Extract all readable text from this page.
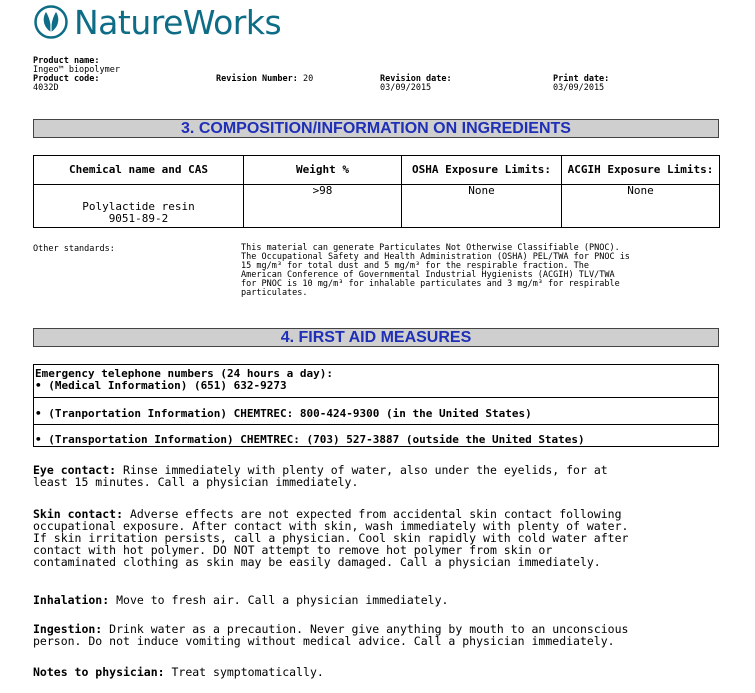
NatureWorks
Product name:
Ingeo™ biopolymer
Product code:
4032D
Revision Number: 20	Revision date:
03/09/2015
Print date:
03/09/2015
3. COMPOSITION/INFORMATION ON INGREDIENTS
Chemical name and CAS	Weight %	OSHA Exposure Limits:	ACGIH Exposure Limits:

Polylactide resin
9051-89-2	>98	None	None
Other standards:	This material can generate Particulates Not Otherwise Classifiable (PNOC).
The Occupational Safety and Health Administration (OSHA) PEL/TWA for PNOC is
15 mg/m³ for total dust and 5 mg/m³ for the respirable fraction. The
American Conference of Governmental Industrial Hygienists (ACGIH) TLV/TWA
for PNOC is 10 mg/m³ for inhalable particulates and 3 mg/m³ for respirable
particulates.
4. FIRST AID MEASURES
Emergency telephone numbers (24 hours a day):
• (Medical Information) (651) 632-9273
• (Tranportation Information) CHEMTREC: 800-424-9300 (in the United States)
• (Transportation Information) CHEMTREC: (703) 527-3887 (outside the United States)
Eye contact: Rinse immediately with plenty of water, also under the eyelids, for at
least 15 minutes. Call a physician immediately.
Skin contact: Adverse effects are not expected from accidental skin contact following
occupational exposure. After contact with skin, wash immediately with plenty of water.
If skin irritation persists, call a physician. Cool skin rapidly with cold water after
contact with hot polymer. DO NOT attempt to remove hot polymer from skin or
contaminated clothing as skin may be easily damaged. Call a physician immediately.
Inhalation: Move to fresh air. Call a physician immediately.
Ingestion: Drink water as a precaution. Never give anything by mouth to an unconscious
person. Do not induce vomiting without medical advice. Call a physician immediately.
Notes to physician: Treat symptomatically.
